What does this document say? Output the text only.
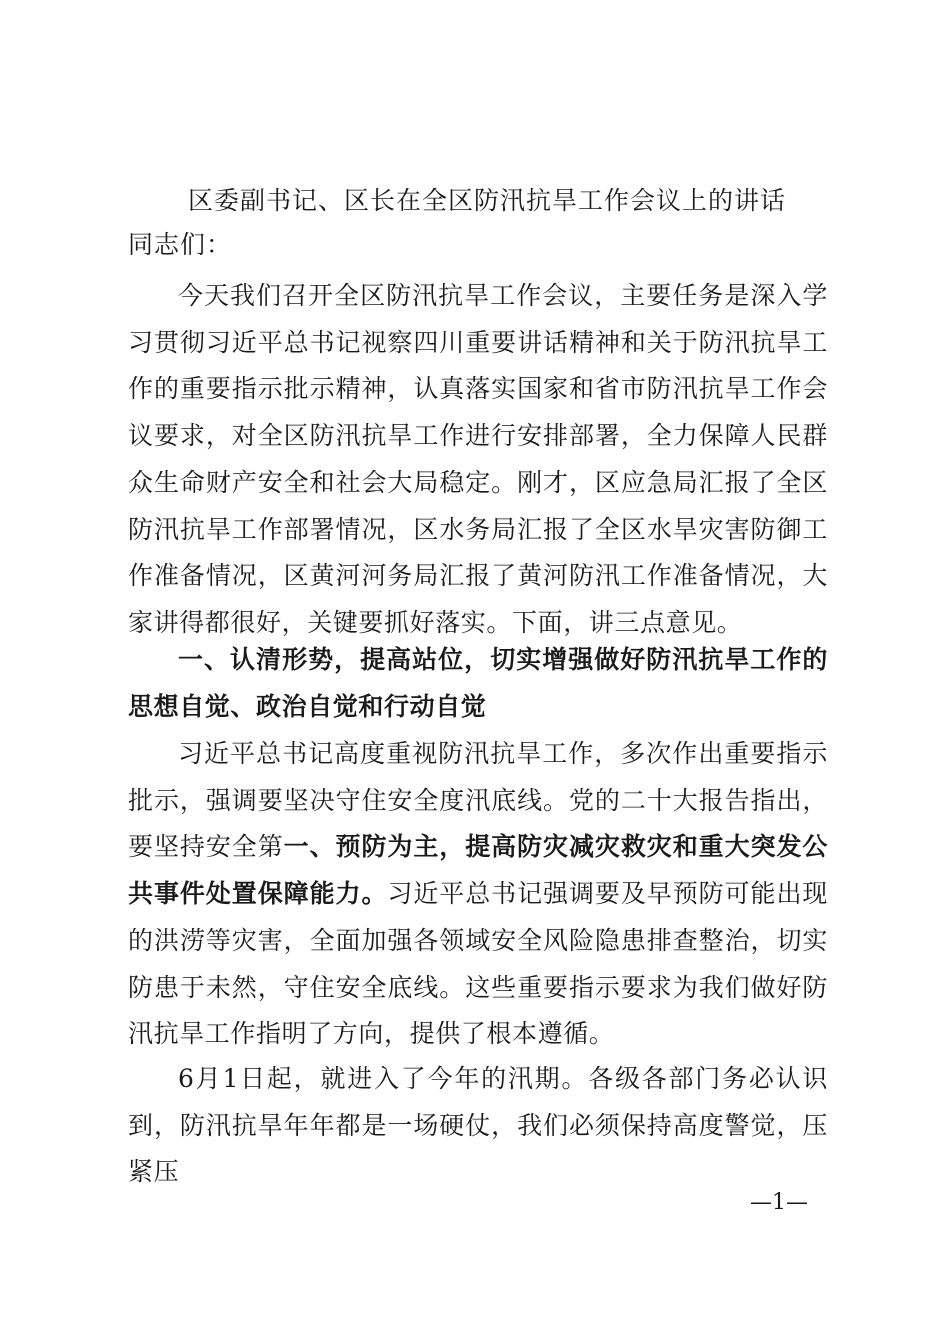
区委副书记、区长在全区防汛抗旱工作会议上的讲话
同志们：

今天我们召开全区防汛抗旱工作会议，主要任务是深入学习贯彻习近平总书记视察四川重要讲话精神和关于防汛抗旱工作的重要指示批示精神，认真落实国家和省市防汛抗旱工作会议要求，对全区防汛抗旱工作进行安排部署，全力保障人民群众生命财产安全和社会大局稳定。刚才，区应急局汇报了全区防汛抗旱工作部署情况，区水务局汇报了全区水旱灾害防御工作准备情况，区黄河河务局汇报了黄河防汛工作准备情况，大家讲得都很好，关键要抓好落实。下面，讲三点意见。

一、认清形势，提高站位，切实增强做好防汛抗旱工作的思想自觉、政治自觉和行动自觉

习近平总书记高度重视防汛抗旱工作，多次作出重要指示批示，强调要坚决守住安全度汛底线。党的二十大报告指出，要坚持安全第一、预防为主，提高防灾减灾救灾和重大突发公共事件处置保障能力。习近平总书记强调要及早预防可能出现的洪涝等灾害，全面加强各领域安全风险隐患排查整治，切实防患于未然，守住安全底线。这些重要指示要求为我们做好防汛抗旱工作指明了方向，提供了根本遵循。

6月1日起，就进入了今年的汛期。各级各部门务必认识到，防汛抗旱年年都是一场硬仗，我们必须保持高度警觉，压紧压

—1—
